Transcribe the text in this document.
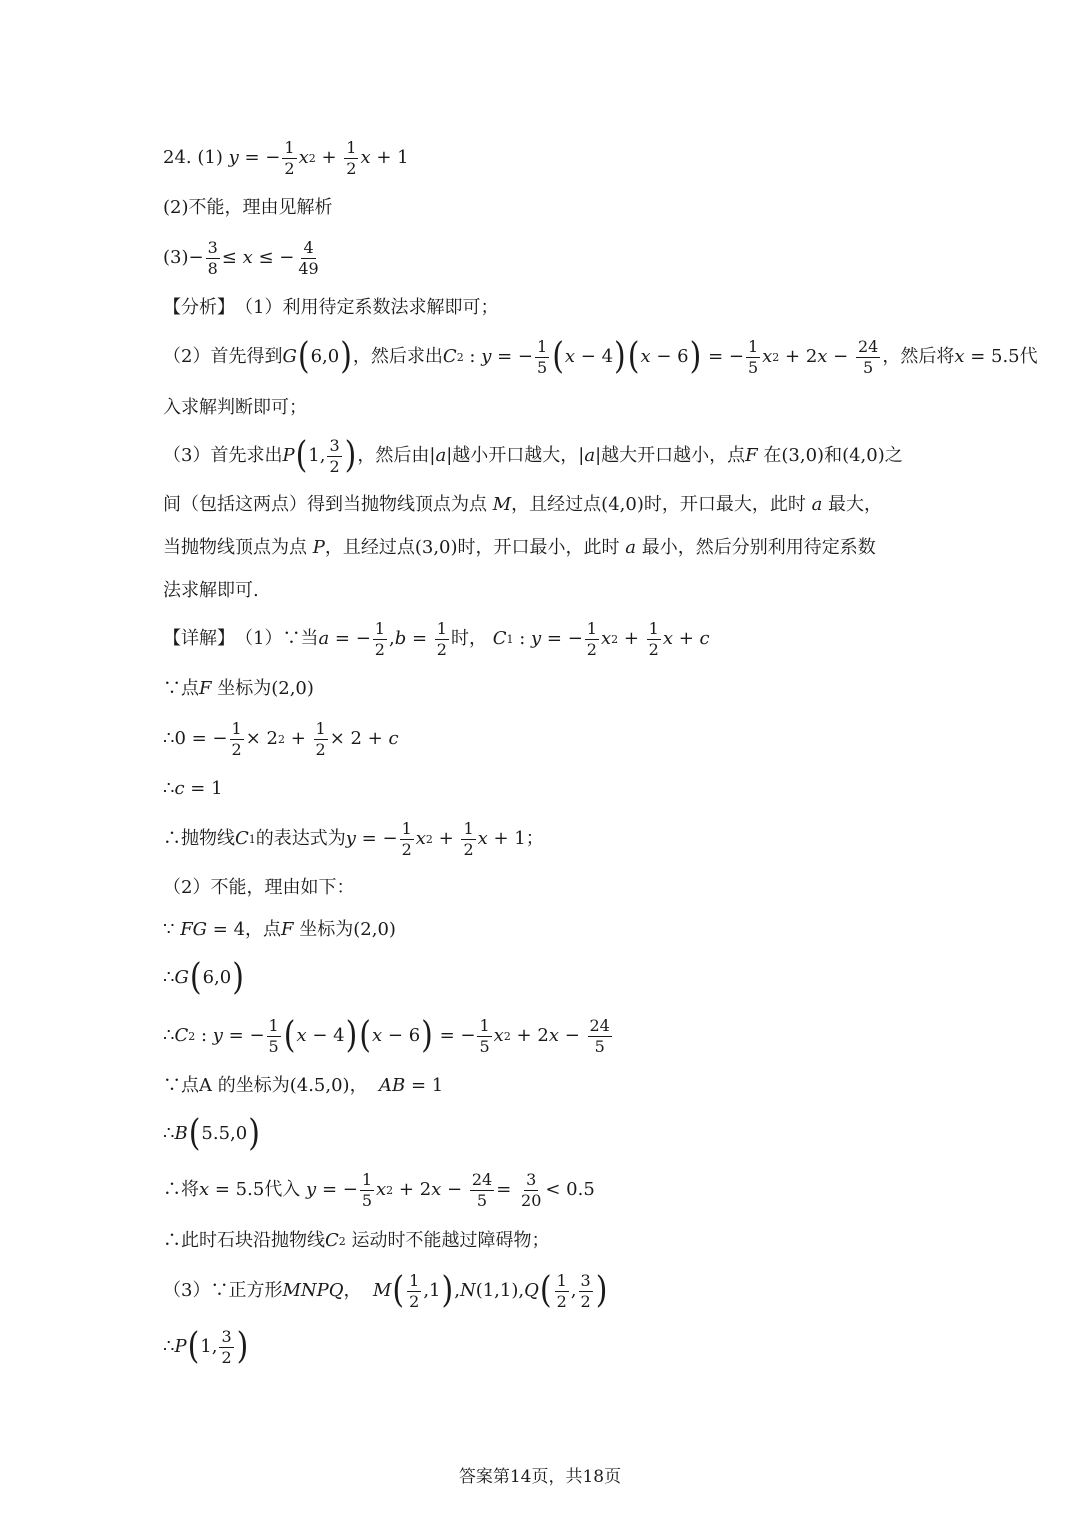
24.
(1)
y = − $\frac{1}{2}$ x $2 + \frac{1}{2}$ x + 1
(2)不能，理由见解析
$(3) - \frac{3}{8} \le x$ ≤ − $\frac{4}{49}$
【分析】 （1）利用待定系数法求解即可；
（2）首先得到 G ( 6,0 ) ，然后求出 C 2 : y = − $\frac{1}{5}$ ( x − 4 ) ( x − 6 ) = − $\frac{1}{5}$ x 2 + 2 $x - \frac{24}{5}$ ，然后将 x = 5.5 代
入求解判断即可；
（3）首先求出 P ( 1, $\frac{3}{2}$ ) ，然后由 | a | 越小开口越大， | a | 越大开口越小，点 F
在 (3,0) 和 (4,0) 之
间（包括这两点）得到当抛物线顶点为点
M ，且经过点 (4,0) 时，开口最大，此时
a
最大，
当抛物线顶点为点
P ，且经过点 (3,0) 时，开口最小，此时
a
最小，然后分别利用待定系数
法求解即可.
【详解】 （1）∵当 a = − $\frac{1}{2}$ , $b = \frac{1}{2}$ 时，
C 1 : y = − $\frac{1}{2}$ x $2 + \frac{1}{2}$ x + c
∵点 F
坐标为 (2,0)
∴ 0 = − $\frac{1}{2} \times 2$ $2 + \frac{1}{2} \times 2 + c$
∴ c = 1
∴抛物线 C 1 的表达式为 y = − $\frac{1}{2}$ x $2 + \frac{1}{2}$ x + 1 ；
（2）不能，理由如下：
∵
FG = 4 ，点 F
坐标为 (2,0)
∴ G ( 6,0 )
∴ C 2 : y = − $\frac{1}{5}$ ( x − 4 ) ( x − 6 ) = − $\frac{1}{5}$ x 2 + 2 $x - \frac{24}{5}$
∵点A 的坐标为 (4.5,0) ，
AB = 1
∴ B ( 5.5,0 )
∴将 x = 5.5 代入
y = − $\frac{1}{5}$ x 2 + 2 $x - \frac{24}{5} = \frac{3}{20} < 0.5$
∴此时石块沿抛物线 C 2
运动时不能越过障碍物；
（3）∵正方形 MNPQ ，
M ( $\frac{1}{2} ,1$ ) , N (1,1), Q ( $\frac{1}{2}$ , $\frac{3}{2}$ )
∴ P ( 1, $\frac{3}{2}$ )
答案第14页，共18页
